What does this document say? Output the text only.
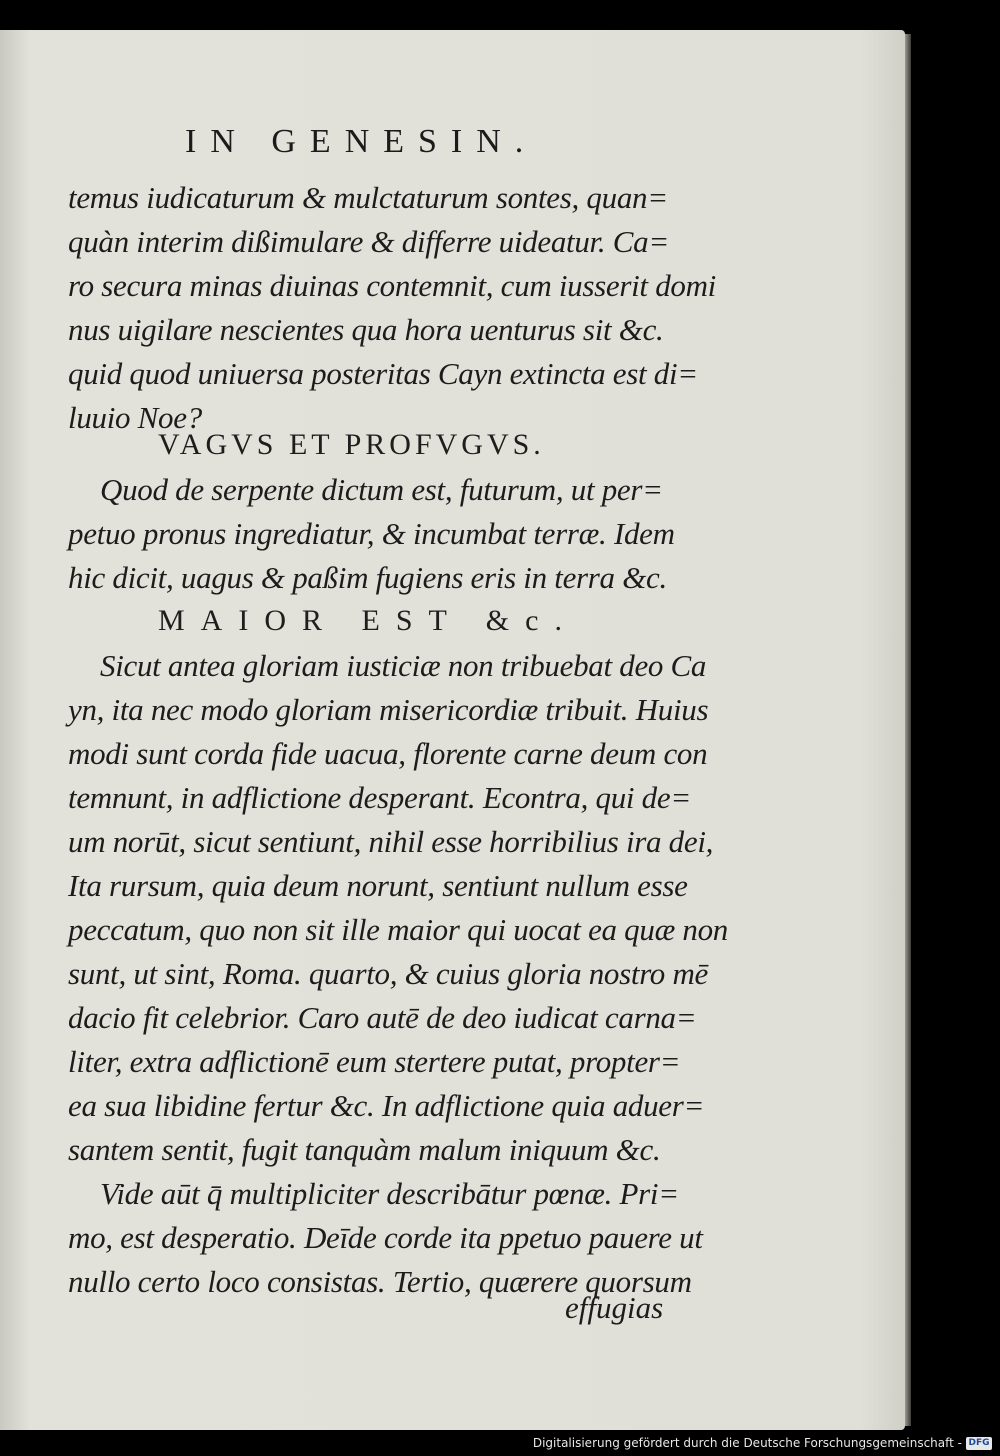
IN GENESIN.
temus iudicaturum & mulctaturum sontes, quan=
quàn interim dißimulare & differre uideatur. Ca=
ro secura minas diuinas contemnit, cum iusserit domi
nus uigilare nescientes qua hora uenturus sit &c.
quid quod uniuersa posteritas Cayn extincta est di=
luuio Noe?
VAGVS ET PROFVGVS.
Quod de serpente dictum est, futurum, ut per=
petuo pronus ingrediatur, & incumbat terræ. Idem
hic dicit, uagus & paßim fugiens eris in terra &c.
MAIOR EST &c.
Sicut antea gloriam iusticiæ non tribuebat deo Ca
yn, ita nec modo gloriam misericordiæ tribuit. Huius
modi sunt corda fide uacua, florente carne deum con
temnunt, in adflictione desperant. Econtra, qui de=
um norūt, sicut sentiunt, nihil esse horribilius ira dei,
Ita rursum, quia deum norunt, sentiunt nullum esse
peccatum, quo non sit ille maior qui uocat ea quæ non
sunt, ut sint, Roma. quarto, & cuius gloria nostro mē
dacio fit celebrior. Caro autē de deo iudicat carna=
liter, extra adflictionē eum stertere putat, propter=
ea sua libidine fertur &c. In adflictione quia aduer=
santem sentit, fugit tanquàm malum iniquum &c.
Vide aūt q̄ multipliciter describātur pœnæ. Pri=
mo, est desperatio. Deīde corde ita ppetuo pauere ut
nullo certo loco consistas. Tertio, quærere quorsum
effugias
Digitalisierung gefördert durch die Deutsche Forschungsgemeinschaft - DFG
